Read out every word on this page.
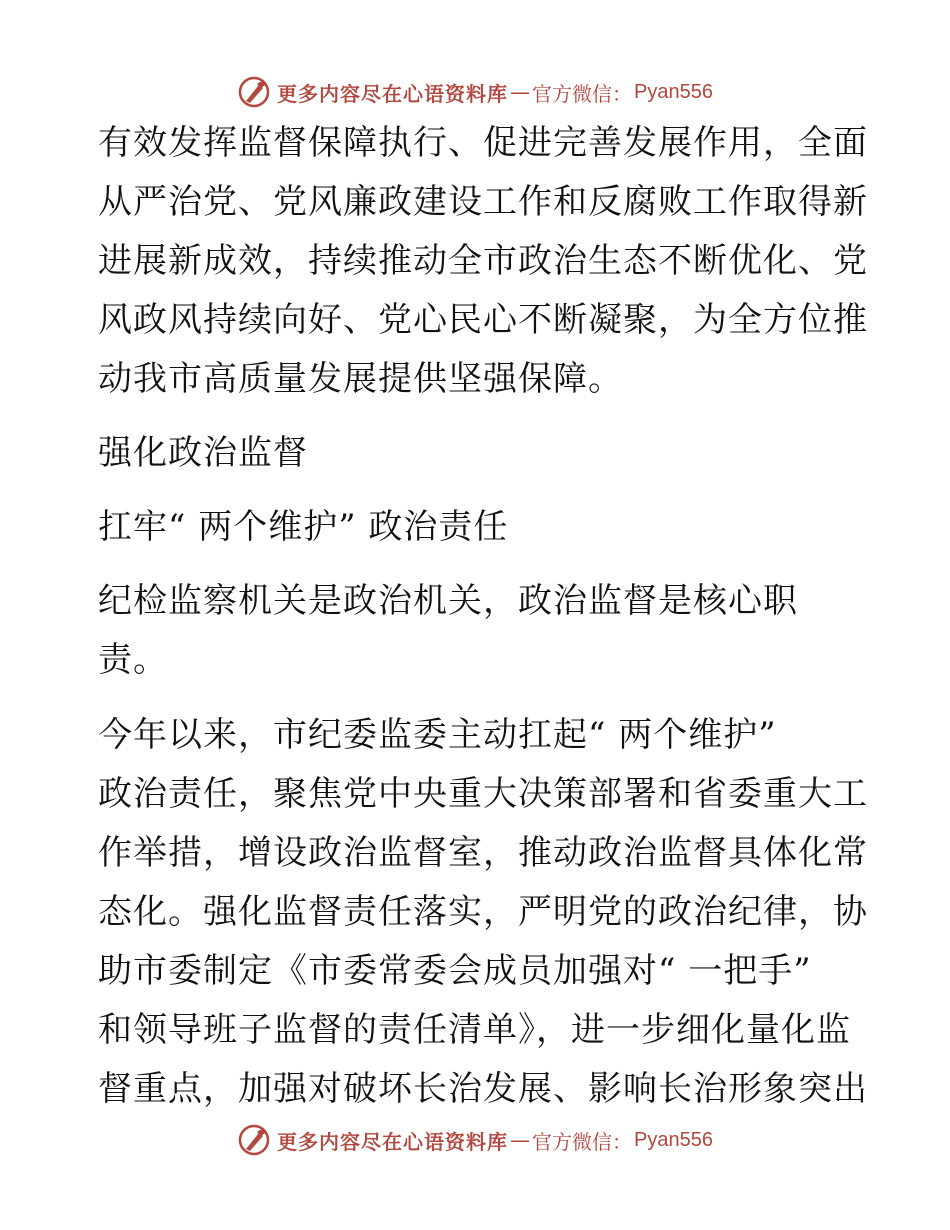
更多内容尽在心语资料库 — 官方微信： Pyan556
有效发挥监督保障执行、促进完善发展作用，全面
从严治党、党风廉政建设工作和反腐败工作取得新
进展新成效，持续推动全市政治生态不断优化、党
风政风持续向好、党心民心不断凝聚，为全方位推
动我市高质量发展提供坚强保障。
强化政治监督
扛牢“ 两个维护” 政治责任
纪检监察机关是政治机关，政治监督是核心职
责。
今年以来，市纪委监委主动扛起“ 两个维护”
政治责任，聚焦党中央重大决策部署和省委重大工
作举措，增设政治监督室，推动政治监督具体化常
态化。强化监督责任落实，严明党的政治纪律，协
助市委制定《市委常委会成员加强对“ 一把手”
和领导班子监督的责任清单》，进一步细化量化监
督重点，加强对破坏长治发展、影响长治形象突出
更多内容尽在心语资料库 — 官方微信： Pyan556
